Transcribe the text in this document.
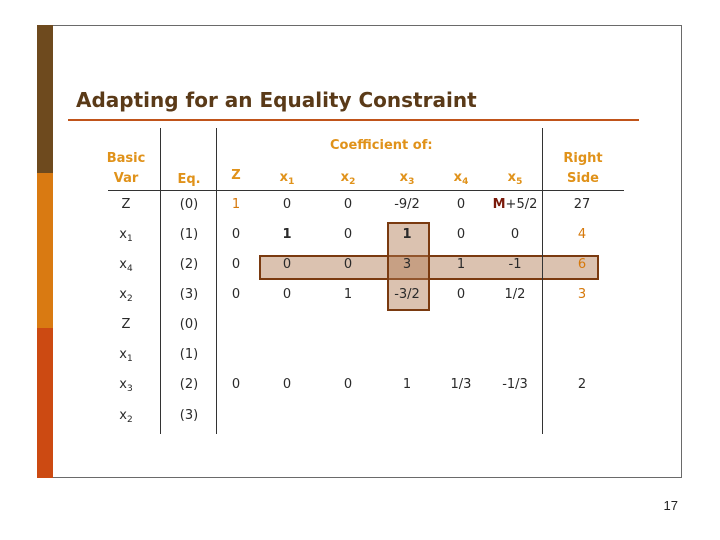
Adapting for an Equality Constraint
Coefficient of:
Basic
Var	Eq.	Z	$x_1$	$x_2$	$x_3$	$x_4$	$x_5$
Right
Side
Z	(0)	1	0	0	-9/2	0	M+5/2	27
$x_1$	(1)	0	1	0	1	0	0	4
$x_4$	(2)	0	0	0	3	1	-1	6
$x_2$	(3)	0	0	1	-3/2	0	1/2	3
Z	(0)
$x_1$	(1)
$x_3$	(2)	0	0	0	1	1/3	-1/3	2
$x_2$	(3)
17
